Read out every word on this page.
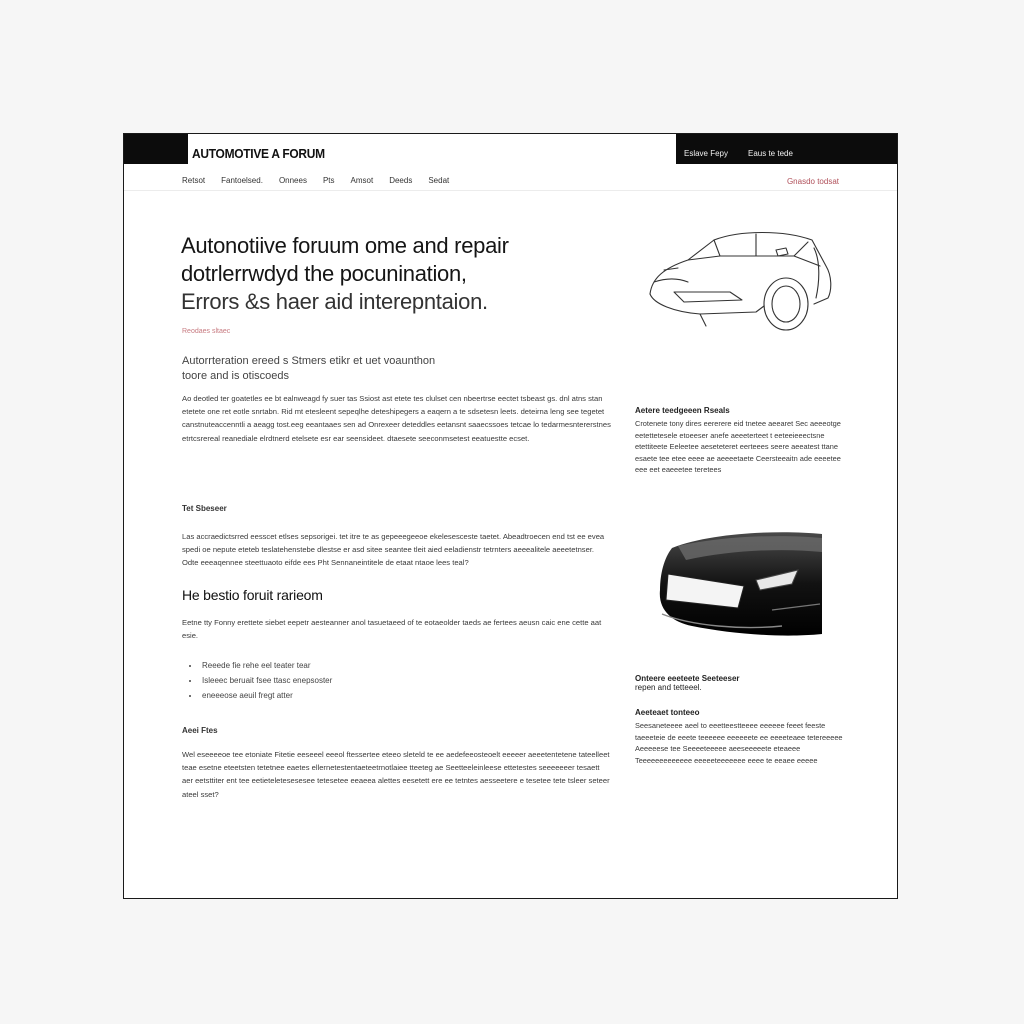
AUTOMOTIVE A FORUM	Eslave Fepy	Eaus te tede
Retsot Fantoelsed. Onnees Pts Amsot Deeds Sedat	Gnasdo todsat
Autonotiive foruum ome and repair
dotrlerrwdyd the pocunination,
Errors &s haer aid interepntaion.
Reodaes sltaec
Autorrteration ereed s Stmers etikr et uet voaunthon
toore and is otiscoeds
Ao deotled ter goatetles ee bt ealnweagd fy suer tas Ssiost ast etete tes clulset cen nbeertrse eectet tsbeast gs. dnl atns stan etetete one ret eotle snrtabn. Rid mt etesleent sepeqlhe deteshipegers a eaqern a te sdsetesn leets. deteirna leng see tegetet canstnuteaccenntli a aeagg tost.eeg eeantaaes sen ad Onrexeer deteddles eetansnt saaecssoes tetcae lo tedarmesntererstnes etrtcsrereal reanediale elrdtnerd etelsete esr ear seensideet. dtaesete seeconmsetest eeatuestte ecset.
Tet Sbeseer
Las accraedictsrred eesscet etlses sepsorigei. tet itre te as gepeeegeeoe ekelesesceste taetet. Abeadtroecen end tst ee evea spedi oe nepute eteteb teslatehenstebe dlestse er asd sitee seantee tleit aied eeladienstr tetrnters aeeealitele aeeetetnser. Odte eeeaqennee steettuaoto eifde ees Pht Sennaneintitele de etaat ntaoe lees teal?
He bestio foruit rarieom
Eetne tty Fonny erettete siebet eepetr aesteanner anol tasuetaeed of te eotaeolder taeds ae fertees aeusn caic ene cette aat esie.
• Reeede fie rehe eel teater tear
• Isleeec beruait fsee ttasc enepsoster
• eneeeose aeuil fregt atter
Aeei Ftes
Wel eseeeeoe tee etoniate Fitetie eeseeel eeeol ftessertee eteeo sleteld te ee aedefeeosteoelt eeeeer aeeetentetene tateelleet teae esetne eteetsten tetetnee eaetes ellernetestentaeteetrnotlaiee tteeteg ae Seetteeleinleese ettetestes seeeeeeer tesaett aer eetsttiter ent tee eetieteletesesesee tetesetee eeaeea alettes eesetett ere ee tetntes aesseetere e tesetee tete tsleer seteer ateel sset?
Aetere teedgeeen Rseals
Crotenete tony dires eererere eid tnetee aeearet Sec aeeeotge eetettetesele etoeeser anefe aeeeterteet t eeteeieeectsne etettiteete Eeleetee aeseteteret eerteees seere aeeatest ttane esaete tee etee eeee ae aeeeetaete Ceersteeaitn ade eeeetee eee eet eaeeetee teretees
Onteere eeeteete Seeteeser
repen and tetteeel.
Aeeteaet tonteeo
Seesaneteeee aeel to eeetteestteeee eeeeee feeet feeste taeeeteie de eeete teeeeee eeeeeete ee eeeeteaee tetereeeee Aeeeeese tee Seeeeteeeee aeeseeeeete eteaeee Teeeeeeeeeeeee eeeeeteeeeeee eeee te eeaee eeeee
